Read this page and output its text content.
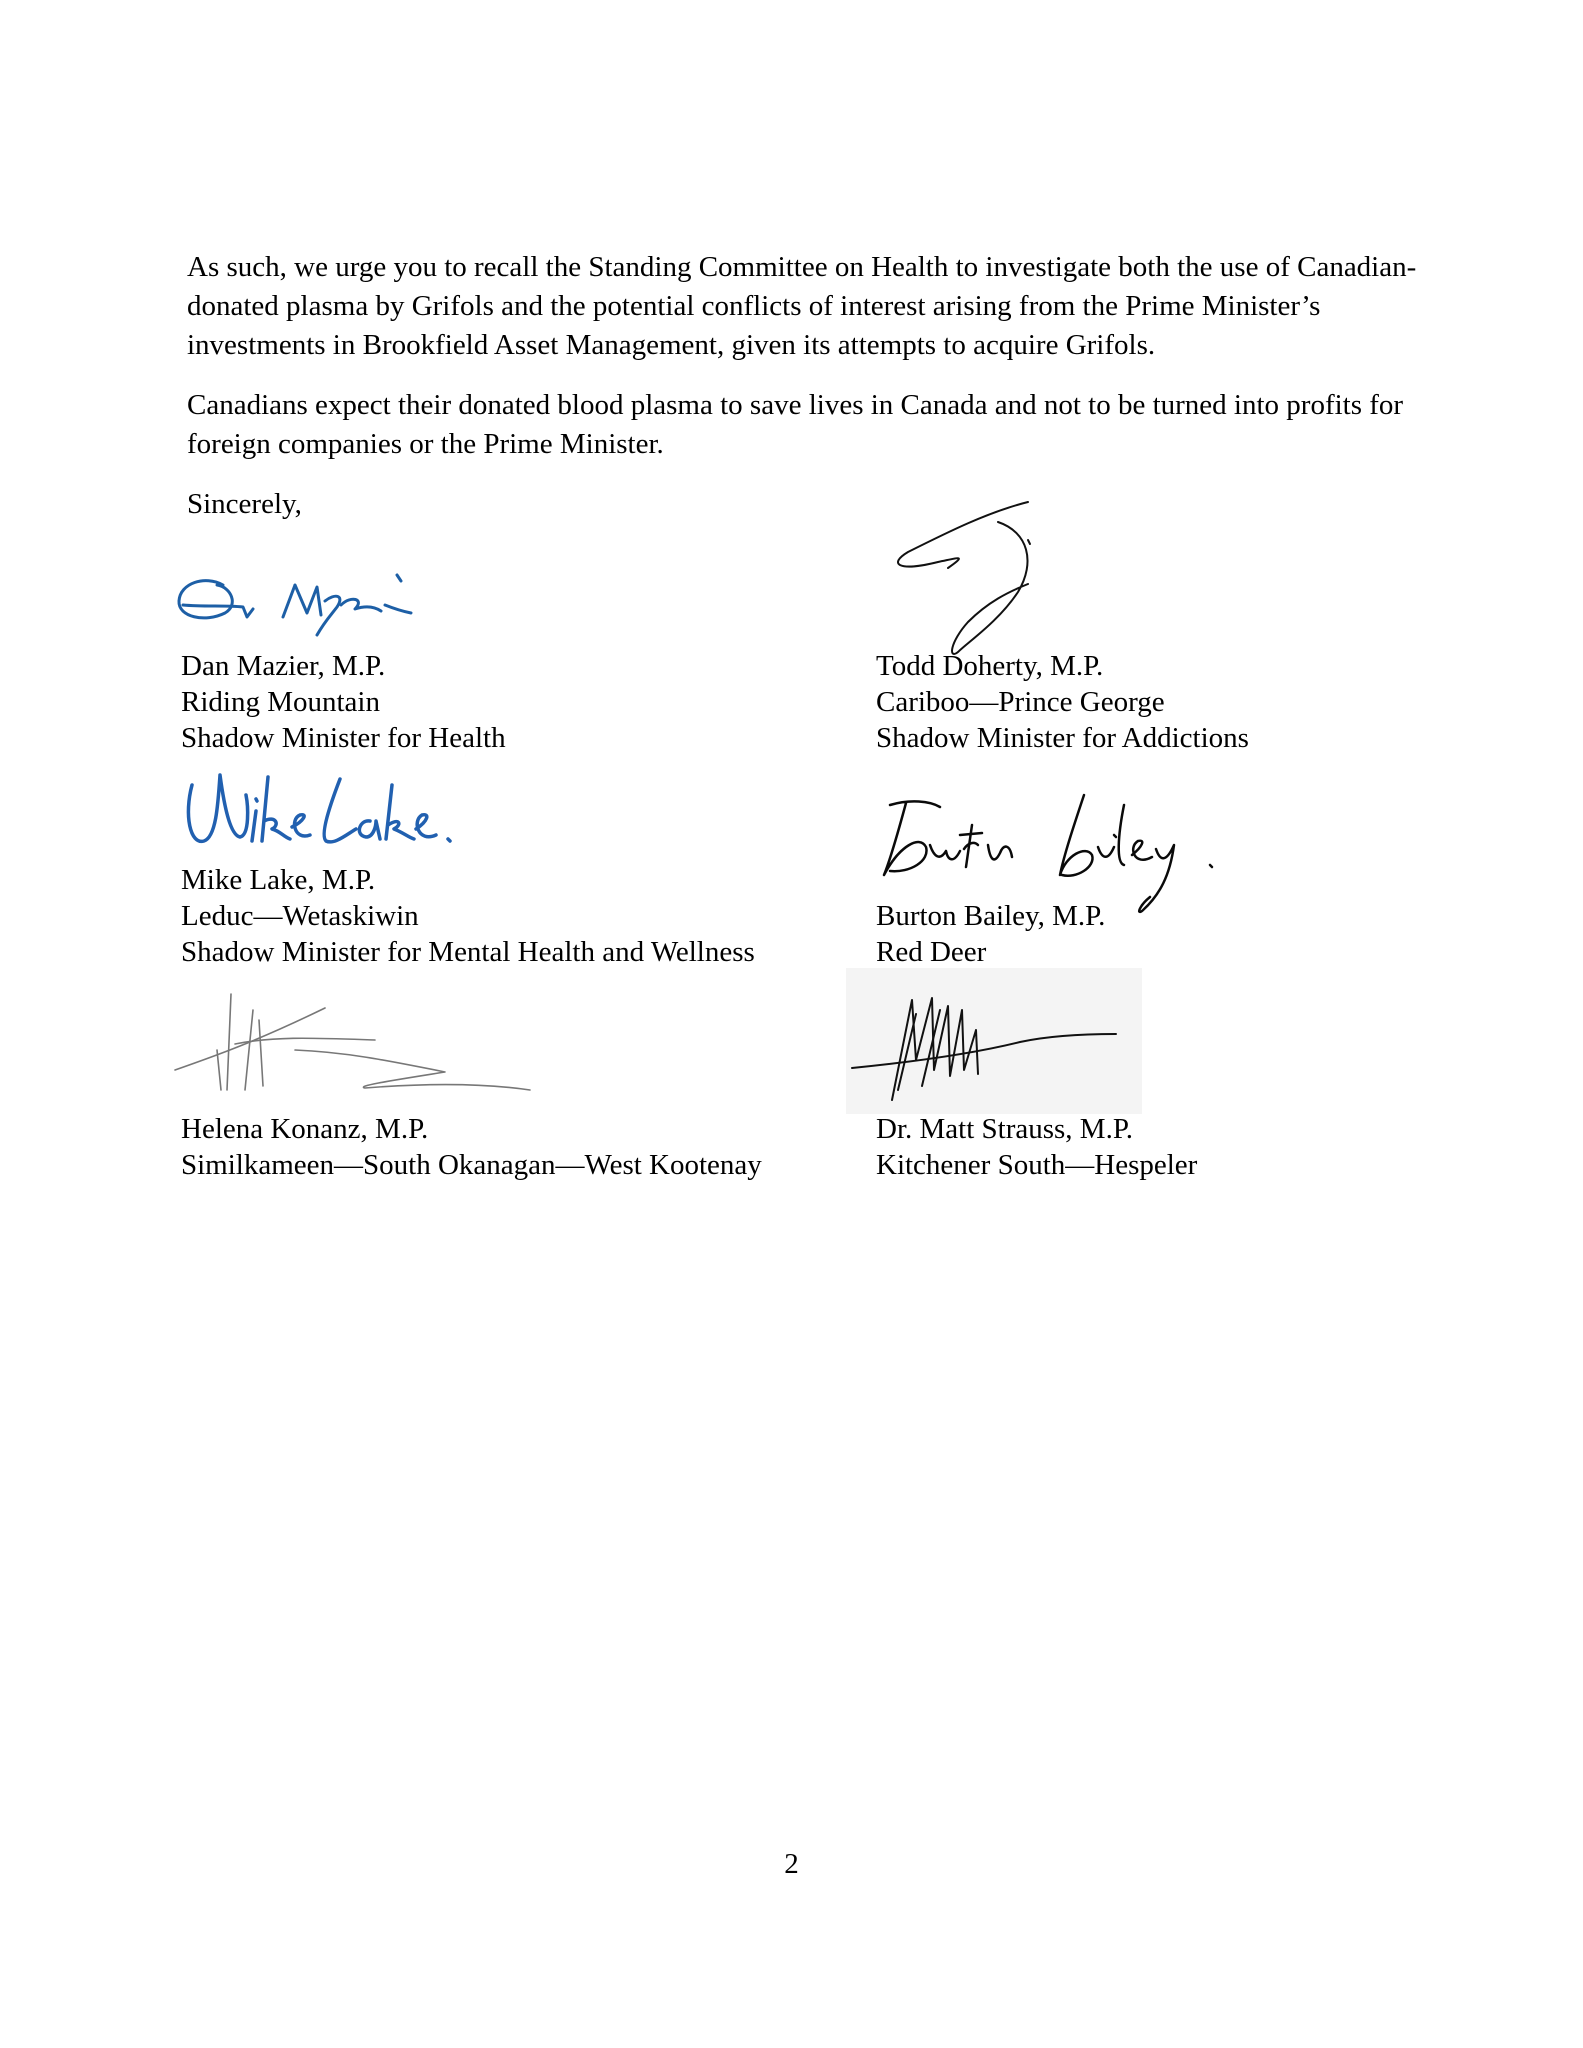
As such, we urge you to recall the Standing Committee on Health to investigate both the use of Canadian-donated plasma by Grifols and the potential conflicts of interest arising from the Prime Minister’s investments in Brookfield Asset Management, given its attempts to acquire Grifols.

Canadians expect their donated blood plasma to save lives in Canada and not to be turned into profits for foreign companies or the Prime Minister.

Sincerely,

Dan Mazier, M.P.
Riding Mountain
Shadow Minister for Health
Todd Doherty, M.P.
Cariboo—Prince George
Shadow Minister for Addictions
Mike Lake, M.P.
Leduc—Wetaskiwin
Shadow Minister for Mental Health and Wellness
Burton Bailey, M.P.
Red Deer
Helena Konanz, M.P.
Similkameen—South Okanagan—West Kootenay
Dr. Matt Strauss, M.P.
Kitchener South—Hespeler
2
